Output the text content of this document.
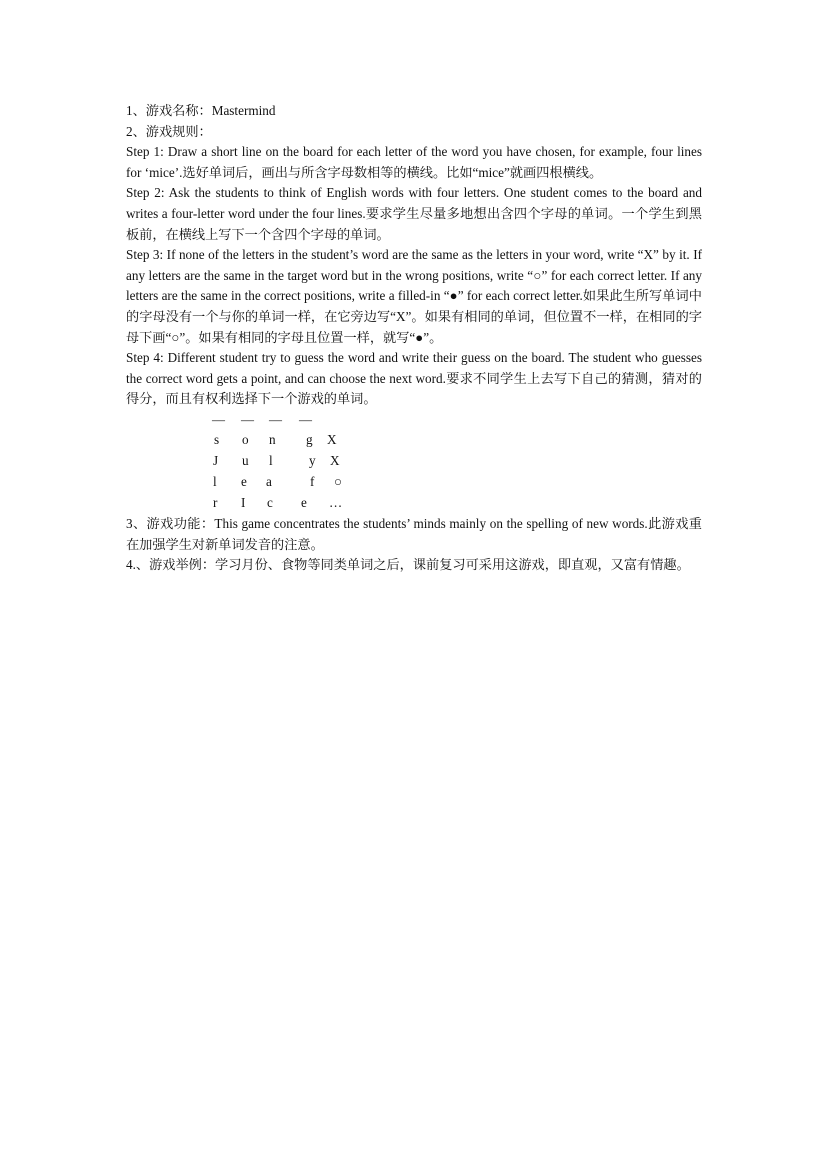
1、游戏名称：Mastermind

2、游戏规则：

Step 1: Draw a short line on the board for each letter of the word you have chosen, for example, four lines for ‘mice’.选好单词后，画出与所含字母数相等的横线。比如“mice”就画四根横线。

Step 2: Ask the students to think of English words with four letters. One student comes to the board and writes a four-letter word under the four lines.要求学生尽量多地想出含四个字母的单词。一个学生到黑板前，在横线上写下一个含四个字母的单词。

Step 3: If none of the letters in the student’s word are the same as the letters in your word, write “X” by it. If any letters are the same in the target word but in the wrong positions, write “○” for each correct letter. If any letters are the same in the correct positions, write a filled-in “●” for each correct letter.如果此生所写单词中的字母没有一个与你的单词一样，在它旁边写“X”。如果有相同的单词，但位置不一样，在相同的字母下画“○”。如果有相同的字母且位置一样，就写“●”。

Step 4: Different student try to guess the word and write their guess on the board. The student who guesses the correct word gets a point, and can choose the next word.要求不同学生上去写下自己的猜测，猜对的得分，而且有权利选择下一个游戏的单词。

— — — —
s o n g X
J u l	y X
l e a	f ○
r I c e …

3、游戏功能：This game concentrates the students’ minds mainly on the spelling of new words.此游戏重在加强学生对新单词发音的注意。

4.、游戏举例：学习月份、食物等同类单词之后，课前复习可采用这游戏，即直观，又富有情趣。
